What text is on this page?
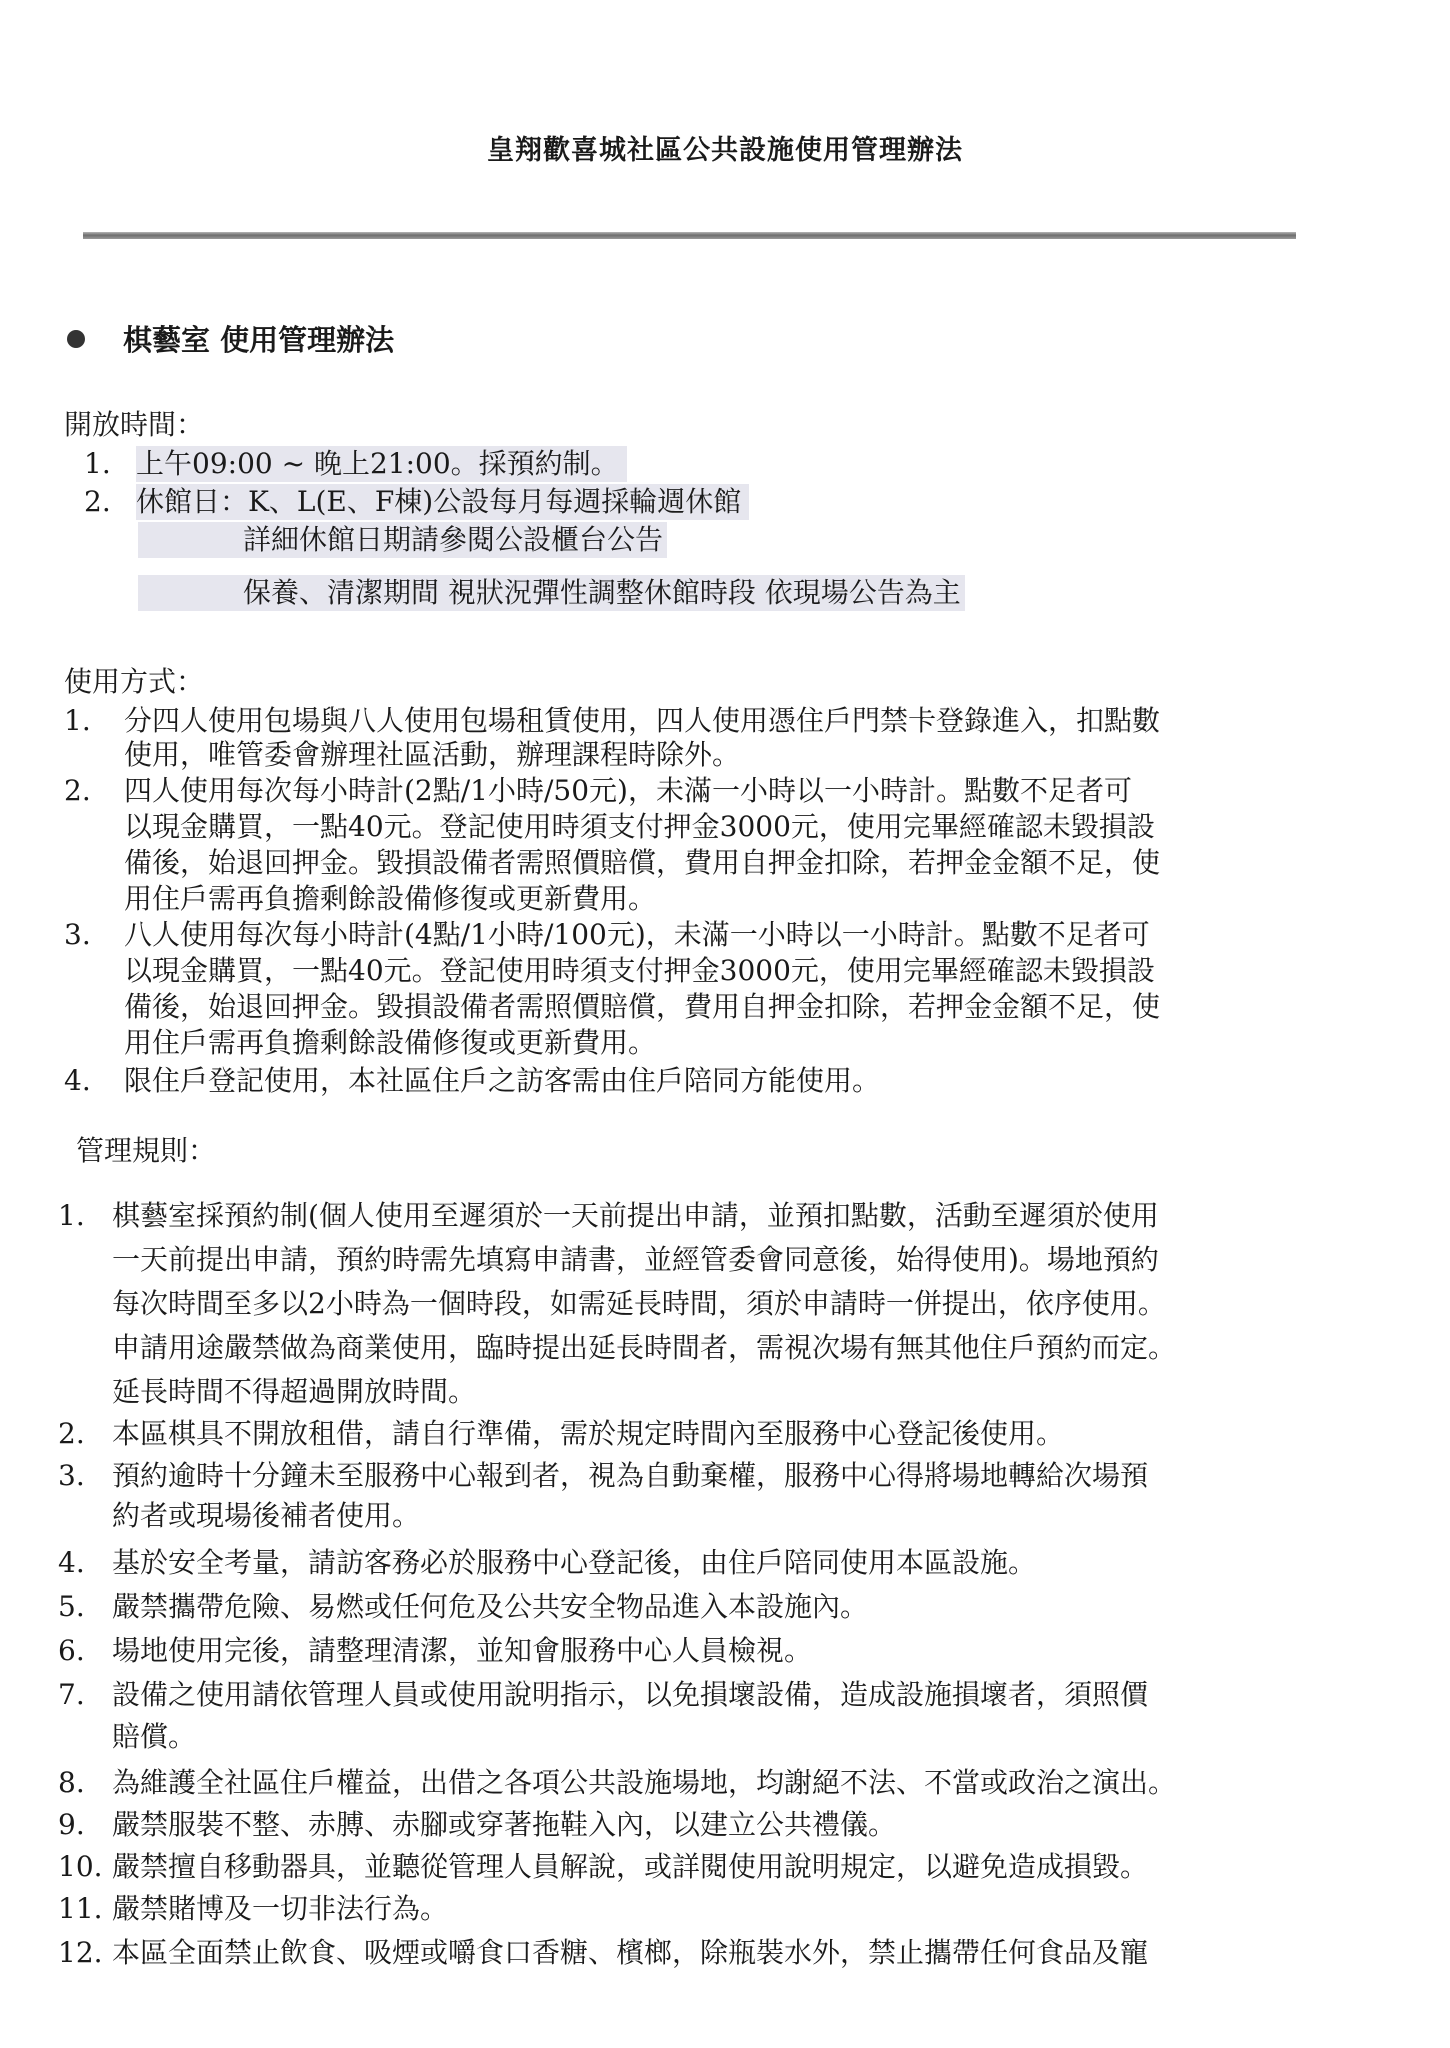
皇翔歡喜城社區公共設施使用管理辦法
棋藝室 使用管理辦法
開放時間：
1. 上午09:00 ~ 晚上21:00。採預約制。
2. 休館日：K、L(E、F棟)公設每月每週採輪週休館
詳細休館日期請參閱公設櫃台公告
保養、清潔期間 視狀況彈性調整休館時段 依現場公告為主
使用方式：
1. 分四人使用包場與八人使用包場租賃使用，四人使用憑住戶門禁卡登錄進入，扣點數
使用，唯管委會辦理社區活動，辦理課程時除外。
2. 四人使用每次每小時計(2點/1小時/50元)，未滿一小時以一小時計。點數不足者可
以現金購買，一點40元。登記使用時須支付押金3000元，使用完畢經確認未毀損設
備後，始退回押金。毀損設備者需照價賠償，費用自押金扣除，若押金金額不足，使
用住戶需再負擔剩餘設備修復或更新費用。
3. 八人使用每次每小時計(4點/1小時/100元)，未滿一小時以一小時計。點數不足者可
以現金購買，一點40元。登記使用時須支付押金3000元，使用完畢經確認未毀損設
備後，始退回押金。毀損設備者需照價賠償，費用自押金扣除，若押金金額不足，使
用住戶需再負擔剩餘設備修復或更新費用。
4. 限住戶登記使用，本社區住戶之訪客需由住戶陪同方能使用。
管理規則：
1. 棋藝室採預約制(個人使用至遲須於一天前提出申請，並預扣點數，活動至遲須於使用
一天前提出申請，預約時需先填寫申請書，並經管委會同意後，始得使用)。場地預約
每次時間至多以2小時為一個時段，如需延長時間，須於申請時一併提出，依序使用。
申請用途嚴禁做為商業使用，臨時提出延長時間者，需視次場有無其他住戶預約而定。
延長時間不得超過開放時間。
2. 本區棋具不開放租借，請自行準備，需於規定時間內至服務中心登記後使用。
3. 預約逾時十分鐘未至服務中心報到者，視為自動棄權，服務中心得將場地轉給次場預
約者或現場後補者使用。
4. 基於安全考量，請訪客務必於服務中心登記後，由住戶陪同使用本區設施。
5. 嚴禁攜帶危險、易燃或任何危及公共安全物品進入本設施內。
6. 場地使用完後，請整理清潔，並知會服務中心人員檢視。
7. 設備之使用請依管理人員或使用說明指示，以免損壞設備，造成設施損壞者，須照價
賠償。
8. 為維護全社區住戶權益，出借之各項公共設施場地，均謝絕不法、不當或政治之演出。
9. 嚴禁服裝不整、赤膊、赤腳或穿著拖鞋入內，以建立公共禮儀。
10. 嚴禁擅自移動器具，並聽從管理人員解說，或詳閱使用說明規定，以避免造成損毀。
11. 嚴禁賭博及一切非法行為。
12. 本區全面禁止飲食、吸煙或嚼食口香糖、檳榔，除瓶裝水外，禁止攜帶任何食品及寵
